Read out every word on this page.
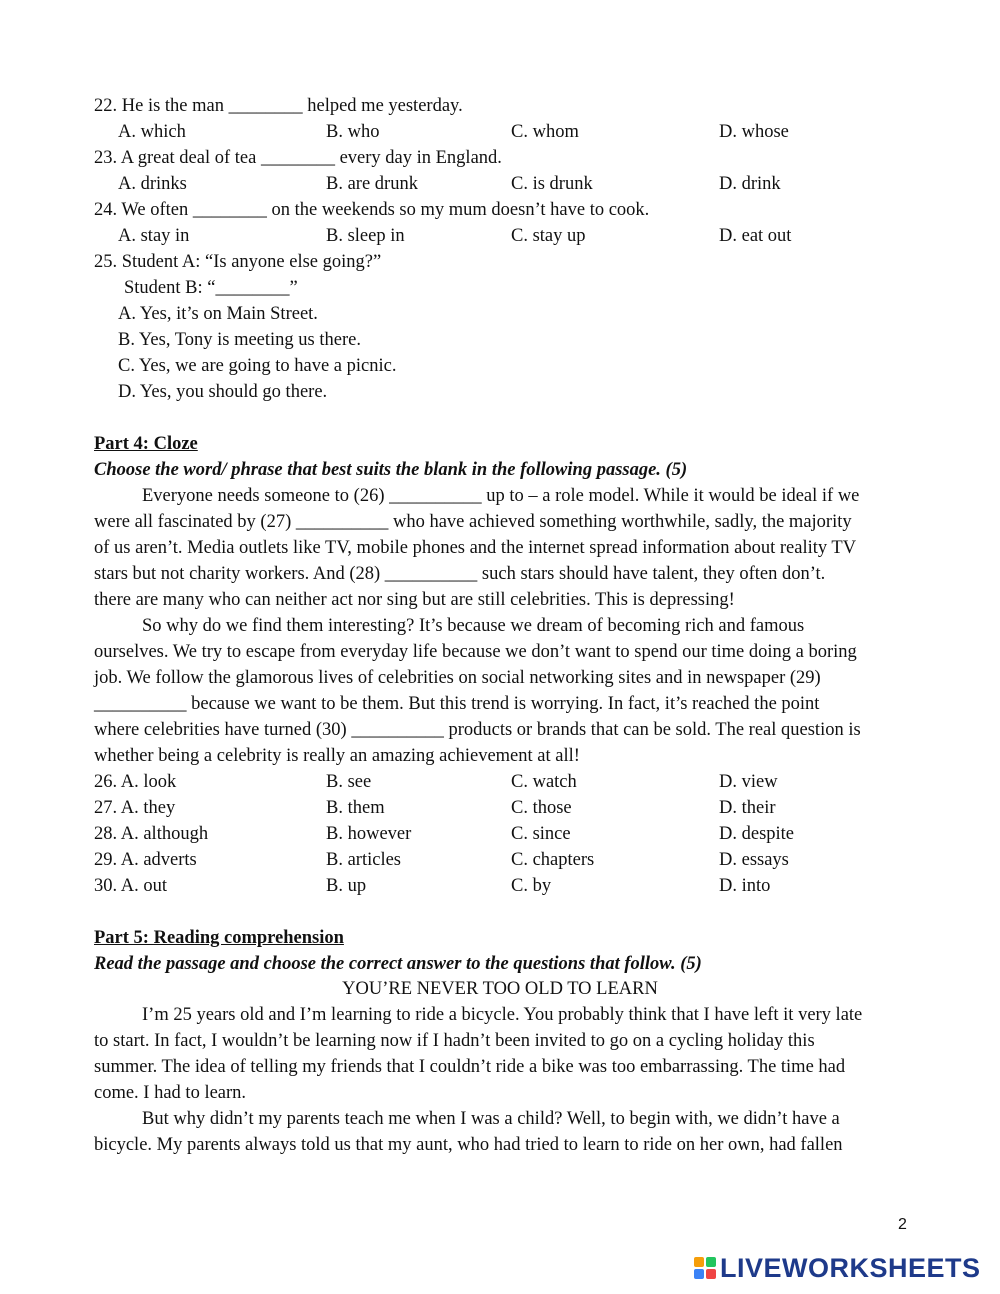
22. He is the man ________ helped me yesterday.
A. which	B. who	C. whom	D. whose
23. A great deal of tea ________ every day in England.
A. drinks	B. are drunk	C. is drunk	D. drink
24. We often ________ on the weekends so my mum doesn’t have to cook.
A. stay in	B. sleep in	C. stay up	D. eat out
25. Student A: “Is anyone else going?”
Student B: “________”
A. Yes, it’s on Main Street.
B. Yes, Tony is meeting us there.
C. Yes, we are going to have a picnic.
D. Yes, you should go there.
Part 4: Cloze
Choose the word/ phrase that best suits the blank in the following passage. (5)
Everyone needs someone to (26) __________ up to – a role model. While it would be ideal if we
were all fascinated by (27) __________ who have achieved something worthwhile, sadly, the majority
of us aren’t. Media outlets like TV, mobile phones and the internet spread information about reality TV
stars but not charity workers. And (28) __________ such stars should have talent, they often don’t.
there are many who can neither act nor sing but are still celebrities. This is depressing!
So why do we find them interesting? It’s because we dream of becoming rich and famous
ourselves. We try to escape from everyday life because we don’t want to spend our time doing a boring
job. We follow the glamorous lives of celebrities on social networking sites and in newspaper (29)
__________ because we want to be them. But this trend is worrying. In fact, it’s reached the point
where celebrities have turned (30) __________ products or brands that can be sold. The real question is
whether being a celebrity is really an amazing achievement at all!
26. A. look	B. see	C. watch	D. view
27. A. they	B. them	C. those	D. their
28. A. although	B. however	C. since	D. despite
29. A. adverts	B. articles	C. chapters	D. essays
30. A. out	B. up	C. by	D. into
Part 5: Reading comprehension
Read the passage and choose the correct answer to the questions that follow. (5)
YOU’RE NEVER TOO OLD TO LEARN
I’m 25 years old and I’m learning to ride a bicycle. You probably think that I have left it very late
to start. In fact, I wouldn’t be learning now if I hadn’t been invited to go on a cycling holiday this
summer. The idea of telling my friends that I couldn’t ride a bike was too embarrassing. The time had
come. I had to learn.
But why didn’t my parents teach me when I was a child? Well, to begin with, we didn’t have a
bicycle. My parents always told us that my aunt, who had tried to learn to ride on her own, had fallen
2
LIVEWORKSHEETS
